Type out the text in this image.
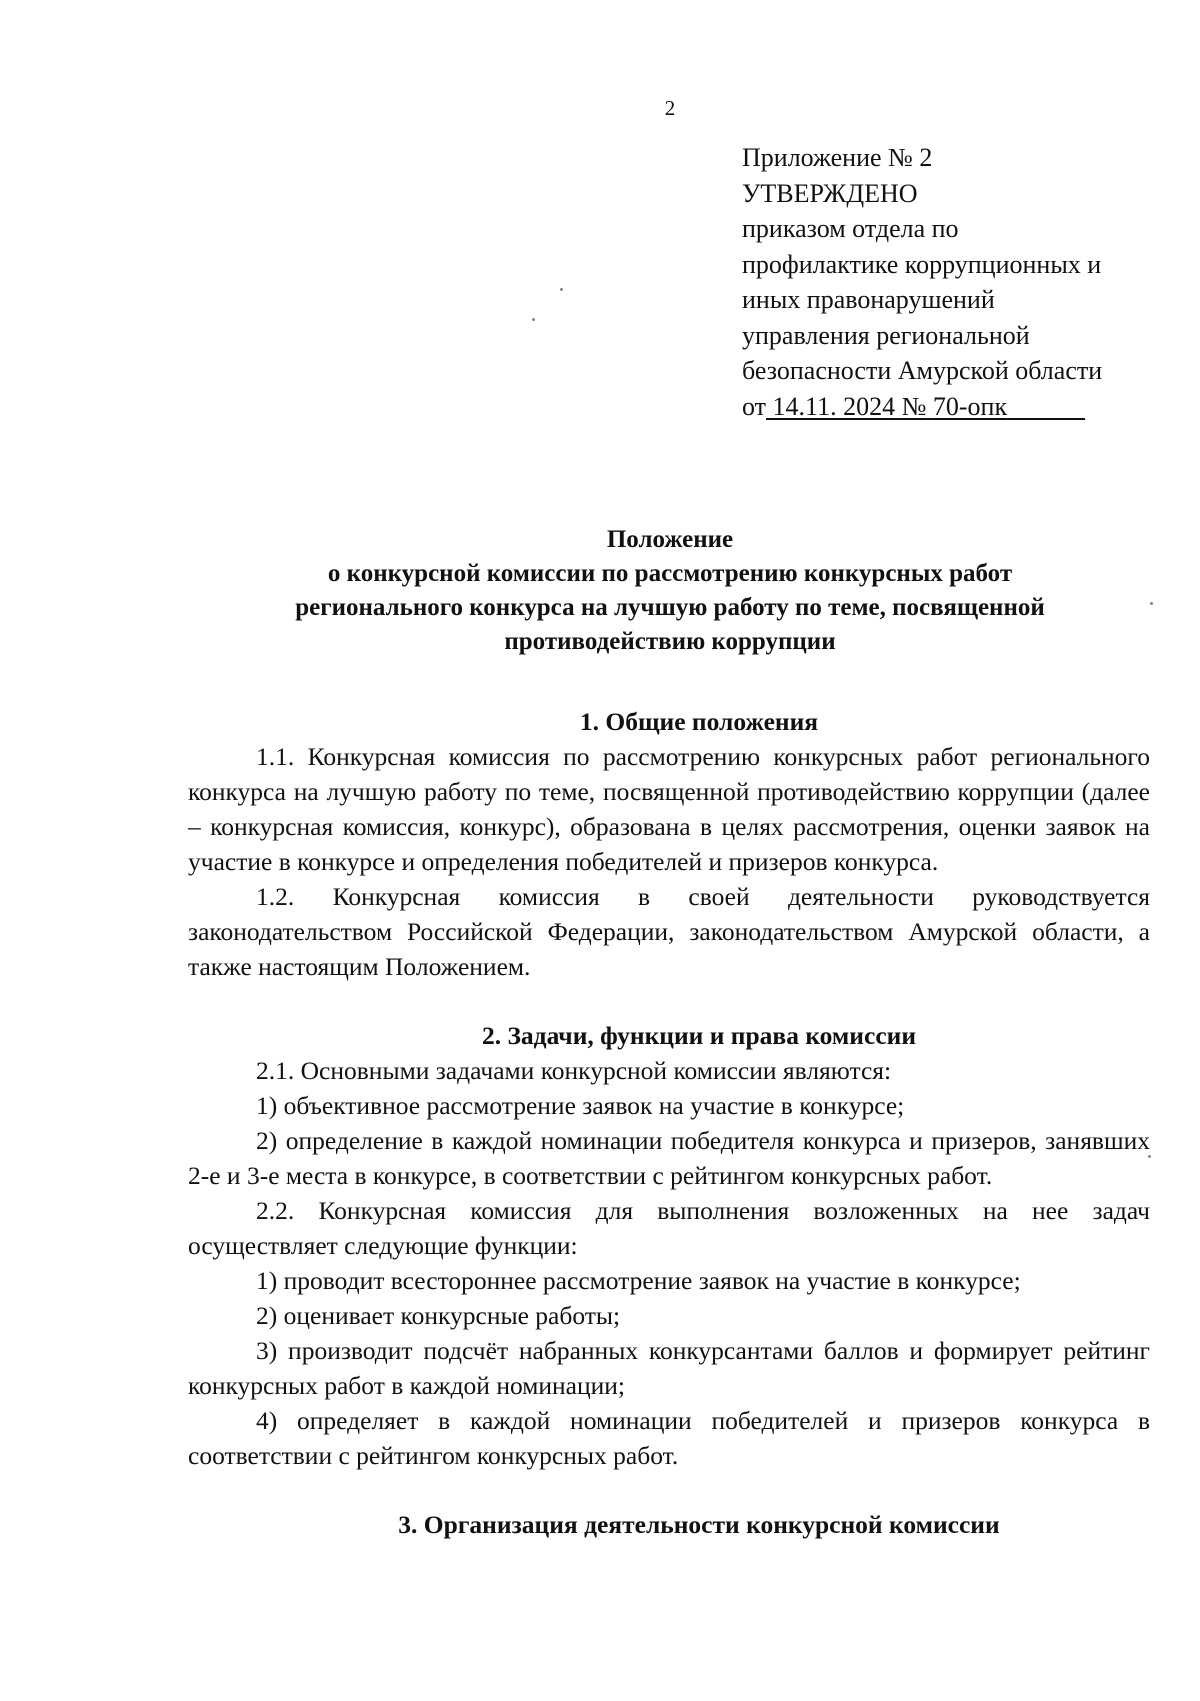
2
Приложение № 2
УТВЕРЖДЕНО
приказом отдела по
профилактике коррупционных и
иных правонарушений
управления региональной
безопасности Амурской области
от 14.11. 2024 № 70-опк
Положение
о конкурсной комиссии по рассмотрению конкурсных работ
регионального конкурса на лучшую работу по теме, посвященной
противодействию коррупции

1. Общие положения

1.1. Конкурсная комиссия по рассмотрению конкурсных работ регионального конкурса на лучшую работу по теме, посвященной противодействию коррупции (далее – конкурсная комиссия, конкурс), образована в целях рассмотрения, оценки заявок на участие в конкурсе и определения победителей и призеров конкурса.

1.2. Конкурсная комиссия в своей деятельности руководствуется законодательством Российской Федерации, законодательством Амурской области, а также настоящим Положением.

2. Задачи, функции и права комиссии

2.1. Основными задачами конкурсной комиссии являются:

1) объективное рассмотрение заявок на участие в конкурсе;

2) определение в каждой номинации победителя конкурса и призеров, занявших 2-е и 3-е места в конкурсе, в соответствии с рейтингом конкурсных работ.

2.2. Конкурсная комиссия для выполнения возложенных на нее задач осуществляет следующие функции:

1) проводит всестороннее рассмотрение заявок на участие в конкурсе;

2) оценивает конкурсные работы;

3) производит подсчёт набранных конкурсантами баллов и формирует рейтинг конкурсных работ в каждой номинации;

4) определяет в каждой номинации победителей и призеров конкурса в соответствии с рейтингом конкурсных работ.

3. Организация деятельности конкурсной комиссии
